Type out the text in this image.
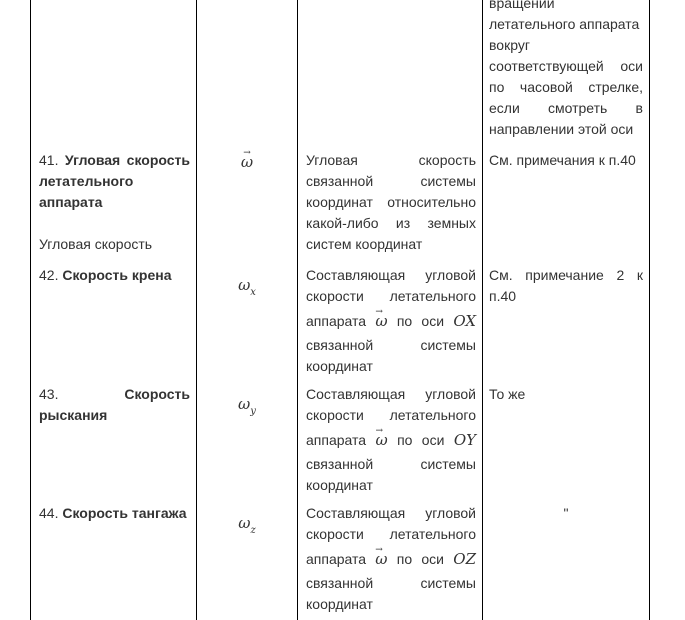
вращении
летательного аппарата
вокруг
соответствующей оси
по часовой стрелке,
если смотреть в
направлении этой оси
41. Угловая скорость
летательного
аппарата
Угловая скорость
→ ω	Угловая скорость
связанной системы
координат относительно
какой-либо из земных
систем координат
См. примечания к п.40
42. Скорость крена
$\omega_x$
Составляющая угловой
скорости летательного
аппарата → ω по оси OX
связанной системы
координат
См. примечание 2 к
п.40
43.	Скорость
рыскания
$\omega_y$
Составляющая угловой
скорости летательного
аппарата → ω по оси OY
связанной системы
координат
То же
44. Скорость тангажа
$\omega_z$
Составляющая угловой
скорости летательного
аппарата → ω по оси OZ
связанной системы
координат
"
